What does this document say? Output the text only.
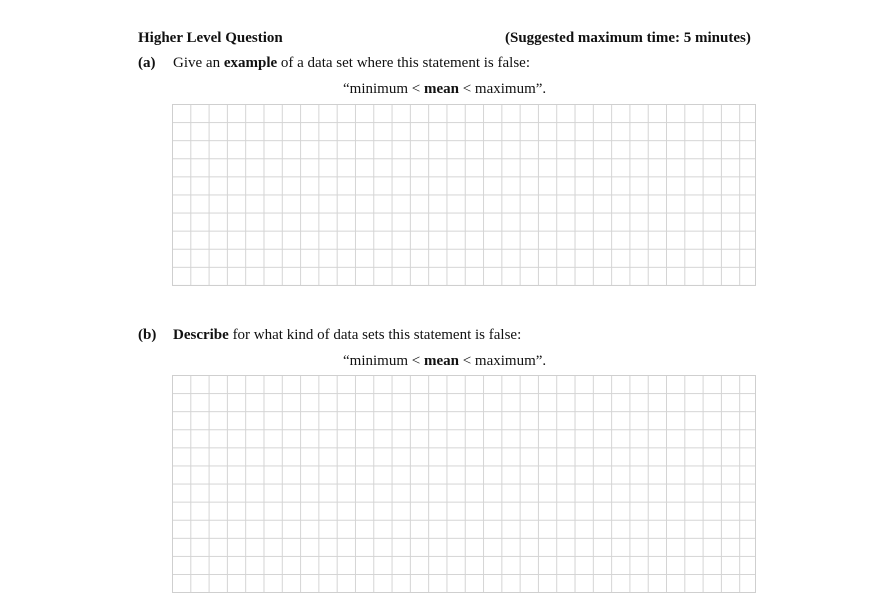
Higher Level Question	(Suggested maximum time: 5 minutes)
(a) Give an example of a data set where this statement is false:
“minimum < mean < maximum”.
(b) Describe for what kind of data sets this statement is false:
“minimum < mean < maximum”.
